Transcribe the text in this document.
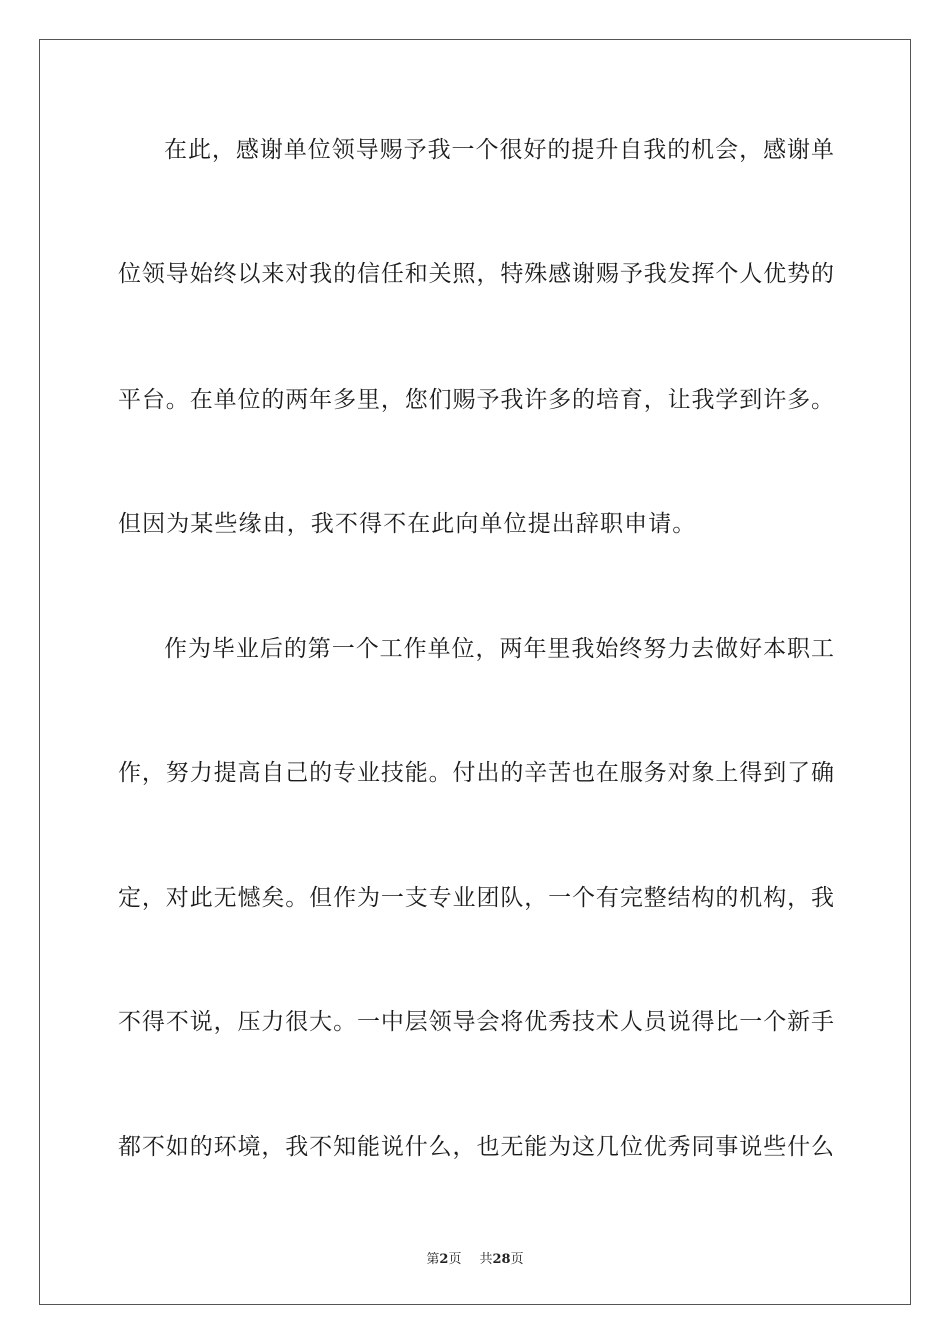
在此，感谢单位领导赐予我一个很好的提升自我的机会，感谢单
位领导始终以来对我的信任和关照，特殊感谢赐予我发挥个人优势的
平台。在单位的两年多里，您们赐予我许多的培育，让我学到许多。
但因为某些缘由，我不得不在此向单位提出辞职申请。
作为毕业后的第一个工作单位，两年里我始终努力去做好本职工
作，努力提高自己的专业技能。付出的辛苦也在服务对象上得到了确
定，对此无憾矣。但作为一支专业团队，一个有完整结构的机构，我
不得不说，压力很大。一中层领导会将优秀技术人员说得比一个新手
都不如的环境，我不知能说什么，也无能为这几位优秀同事说些什么
第2页 共28页
